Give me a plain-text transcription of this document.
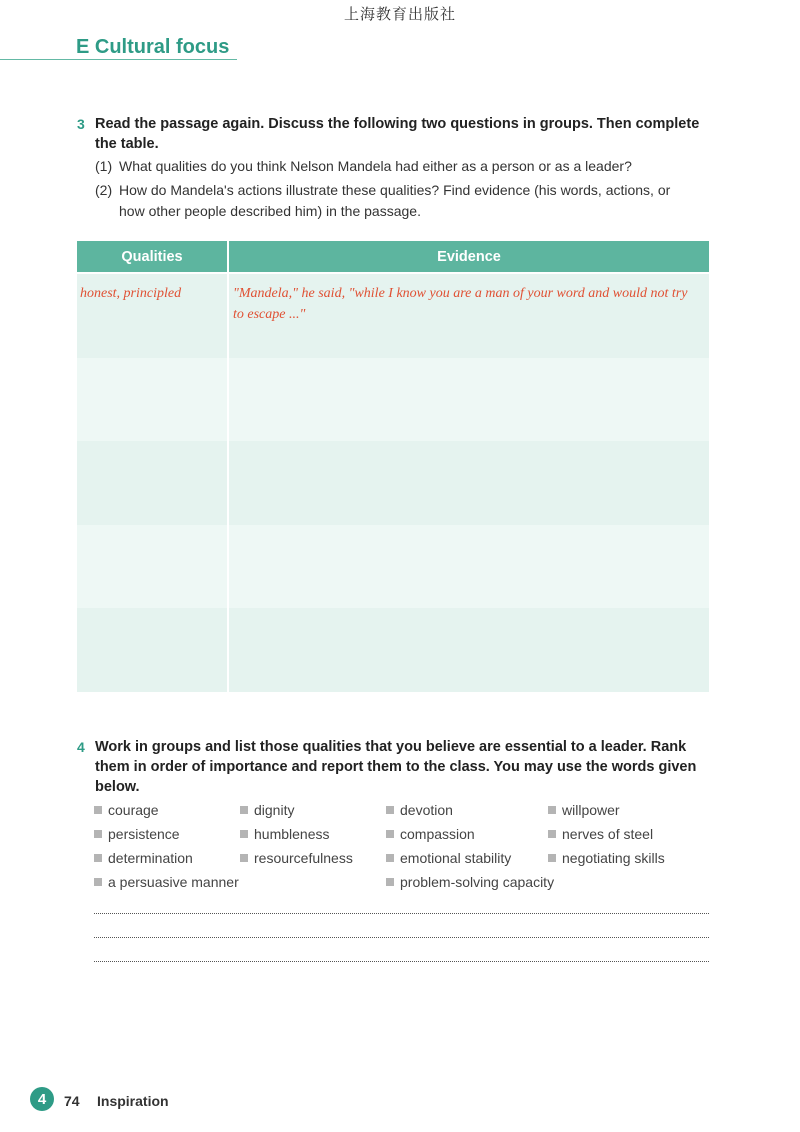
上海教育出版社
E Cultural focus
3 Read the passage again. Discuss the following two questions in groups. Then complete
the table.
(1) What qualities do you think Nelson Mandela had either as a person or as a leader?
(2) How do Mandela's actions illustrate these qualities? Find evidence (his words, actions, or how other people described him) in the passage.
Qualities	Evidence
honest, principled	"Mandela," he said, "while I know you are a man of your word and would not try to escape ..."
4 Work in groups and list those qualities that you believe are essential to a leader. Rank
them in order of importance and report them to the class. You may use the words given
below.
courage	dignity	devotion	willpower
persistence	humbleness	compassion	nerves of steel
determination	resourcefulness	emotional stability	negotiating skills
a persuasive manner	problem-solving capacity
4	74 Inspiration
